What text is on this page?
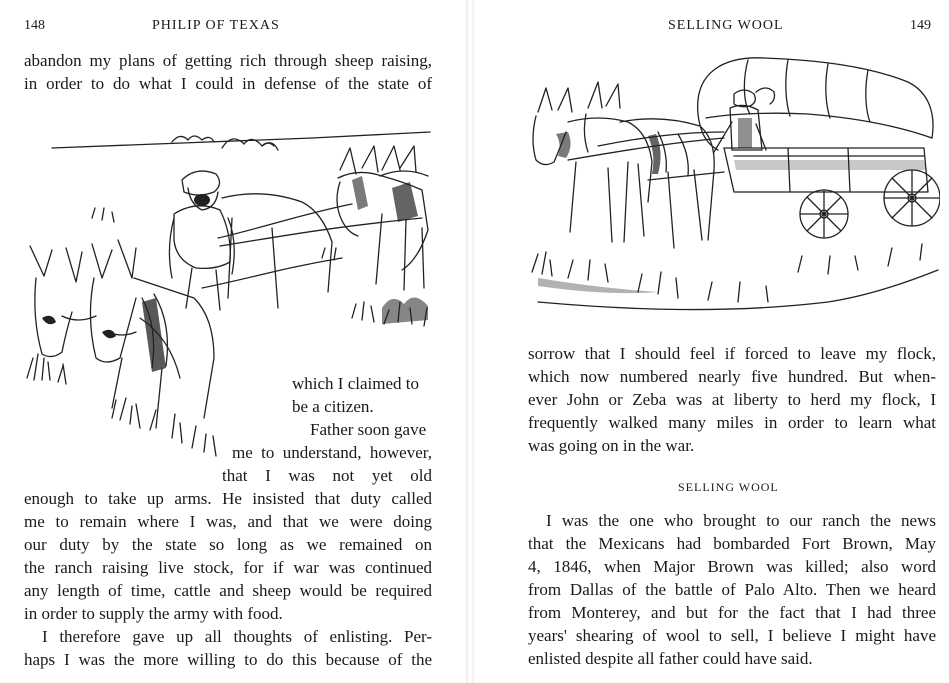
148	PHILIP OF TEXAS
abandon my plans of getting rich through sheep raising,
in order to do what I could in defense of the state of
which I claimed to
be a citizen.
Father soon gave
me to understand, however,
that I was not yet old
enough to take up arms. He insisted that duty called
me to remain where I was, and that we were doing
our duty by the state so long as we remained on
the ranch raising live stock, for if war was continued
any length of time, cattle and sheep would be required
in order to supply the army with food.
I therefore gave up all thoughts of enlisting. Per-
haps I was the more willing to do this because of the
SELLING WOOL	149
sorrow that I should feel if forced to leave my flock,
which now numbered nearly five hundred. But when-
ever John or Zeba was at liberty to herd my flock, I
frequently walked many miles in order to learn what
was going on in the war.
SELLING WOOL
I was the one who brought to our ranch the news
that the Mexicans had bombarded Fort Brown, May
4, 1846, when Major Brown was killed; also word
from Dallas of the battle of Palo Alto. Then we heard
from Monterey, and but for the fact that I had three
years' shearing of wool to sell, I believe I might have
enlisted despite all father could have said.
